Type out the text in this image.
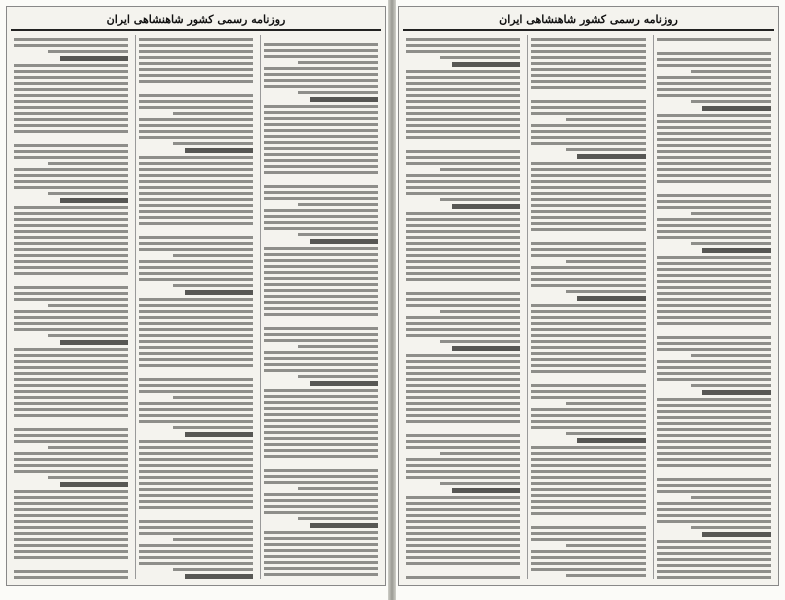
روزنامه رسمی کشور شاهنشاهی ایران	روزنامه رسمی کشور شاهنشاهی ایران
